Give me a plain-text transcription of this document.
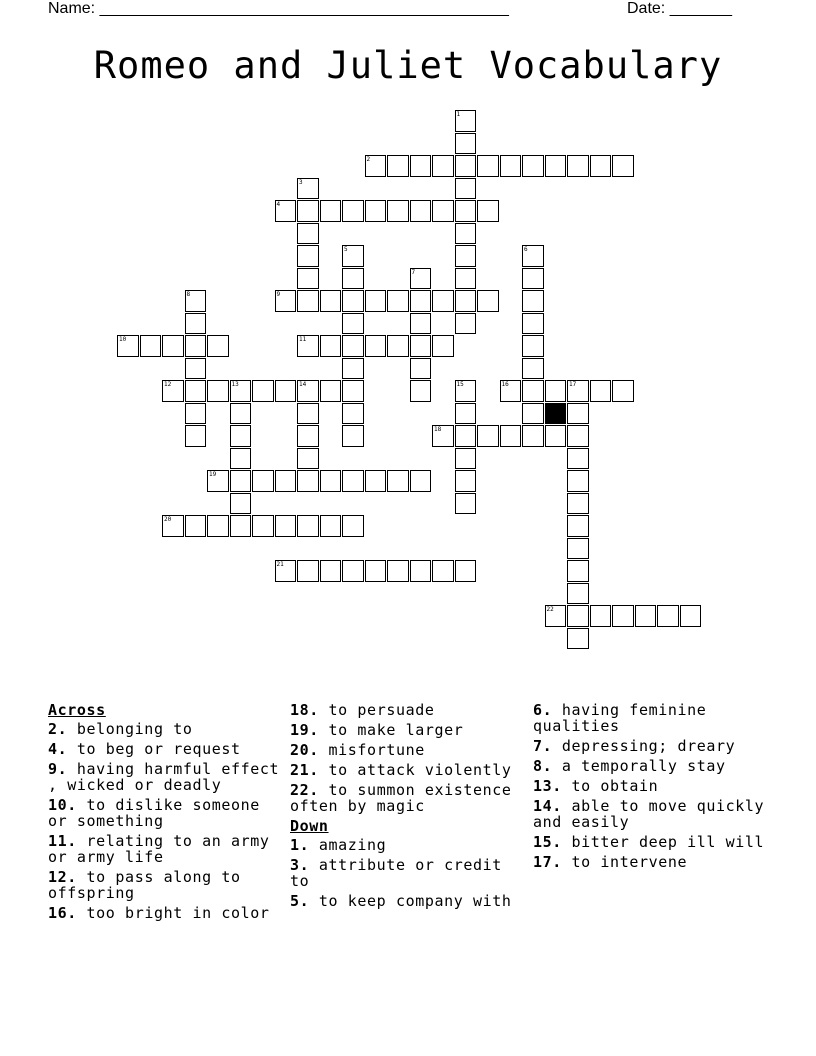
Name: ______________________________________________	Date: _______
Romeo and Juliet Vocabulary
1
2
3
4
5	6
7
8	9
10	11
12	13	14	15	16	17
18
19
20
21
22
Across
2. belonging to
4. to beg or request
9. having harmful effect , wicked or deadly
10. to dislike someone or something
11. relating to an army or army life
12. to pass along to offspring
16. too bright in color
18. to persuade
19. to make larger
20. misfortune
21. to attack violently
22. to summon existence often by magic
Down
1. amazing
3. attribute or credit to
5. to keep company with
6. having feminine qualities
7. depressing; dreary
8. a temporally stay
13. to obtain
14. able to move quickly and easily
15. bitter deep ill will
17. to intervene
